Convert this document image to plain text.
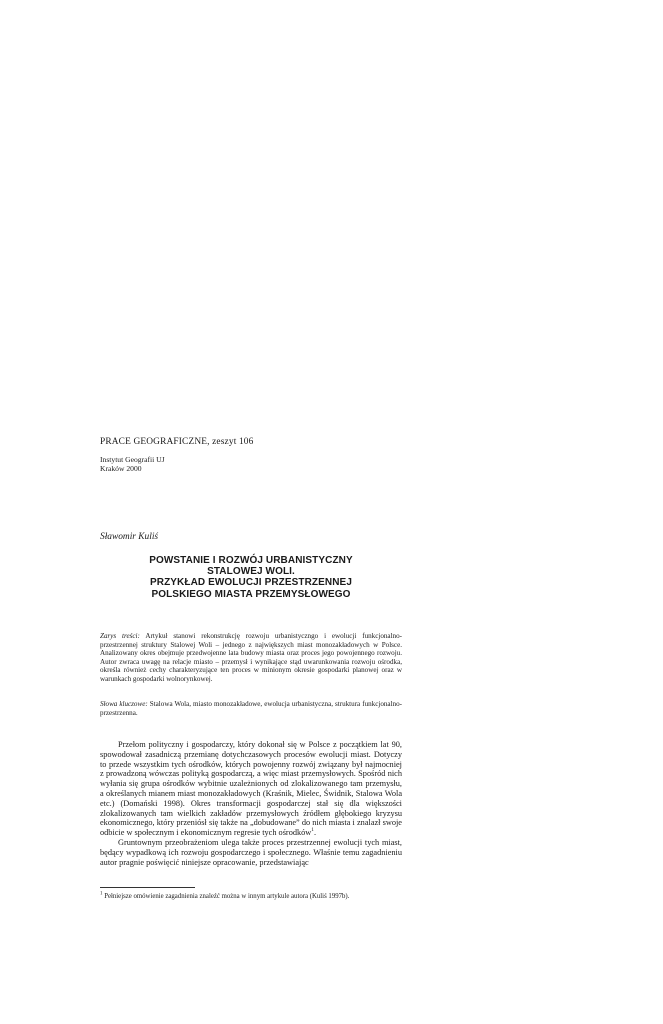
PRACE GEOGRAFICZNE, zeszyt 106
Instytut Geografii UJ
Kraków 2000
Sławomir Kuliś
POWSTANIE I ROZWÓJ URBANISTYCZNY
STALOWEJ WOLI.
PRZYKŁAD EWOLUCJI PRZESTRZENNEJ
POLSKIEGO MIASTA PRZEMYSŁOWEGO
Zarys treści: Artykuł stanowi rekonstrukcję rozwoju urbanistyczngo i ewolucji funkcjonalno-przestrzennej struktury Stalowej Woli – jednego z największych miast monozakładowych w Polsce. Analizowany okres obejmuje przedwojenne lata budowy miasta oraz proces jego powojennego rozwoju. Autor zwraca uwagę na relacje miasto – przemysł i wynikające stąd uwarunkowania rozwoju ośrodka, określa również cechy charakteryzujące ten proces w minionym okresie gospodarki planowej oraz w warunkach gospodarki wolnorynkowej.
Słowa kluczowe: Stalowa Wola, miasto monozakładowe, ewolucja urbanistyczna, struktura funkcjonalno-przestrzenna.

Przełom polityczny i gospodarczy, który dokonał się w Polsce z początkiem lat 90, spowodował zasadniczą przemianę dotychczasowych procesów ewolucji miast. Dotyczy to przede wszystkim tych ośrodków, których powojenny rozwój związany był najmocniej z prowadzoną wówczas polityką gospodarczą, a więc miast przemysłowych. Spośród nich wyłania się grupa ośrodków wybitnie uzależnionych od zlokalizowanego tam przemysłu, a określanych mianem miast monozakładowych (Kraśnik, Mielec, Świdnik, Stalowa Wola etc.) (Domański 1998). Okres transformacji gospodarczej stał się dla większości zlokalizowanych tam wielkich zakładów przemysłowych źródłem głębokiego kryzysu ekonomicznego, który przeniósł się także na „dobudowane” do nich miasta i znalazł swoje odbicie w społecznym i ekonomicznym regresie tych ośrodków$^1$.

Gruntownym przeobrażeniom ulega także proces przestrzennej ewolucji tych miast, będący wypadkową ich rozwoju gospodarczego i społecznego. Właśnie temu zagadnieniu autor pragnie poświęcić niniejsze opracowanie, przedstawiając

$^1$ Pełniejsze omówienie zagadnienia znaleźć można w innym artykule autora (Kuliś 1997b).
